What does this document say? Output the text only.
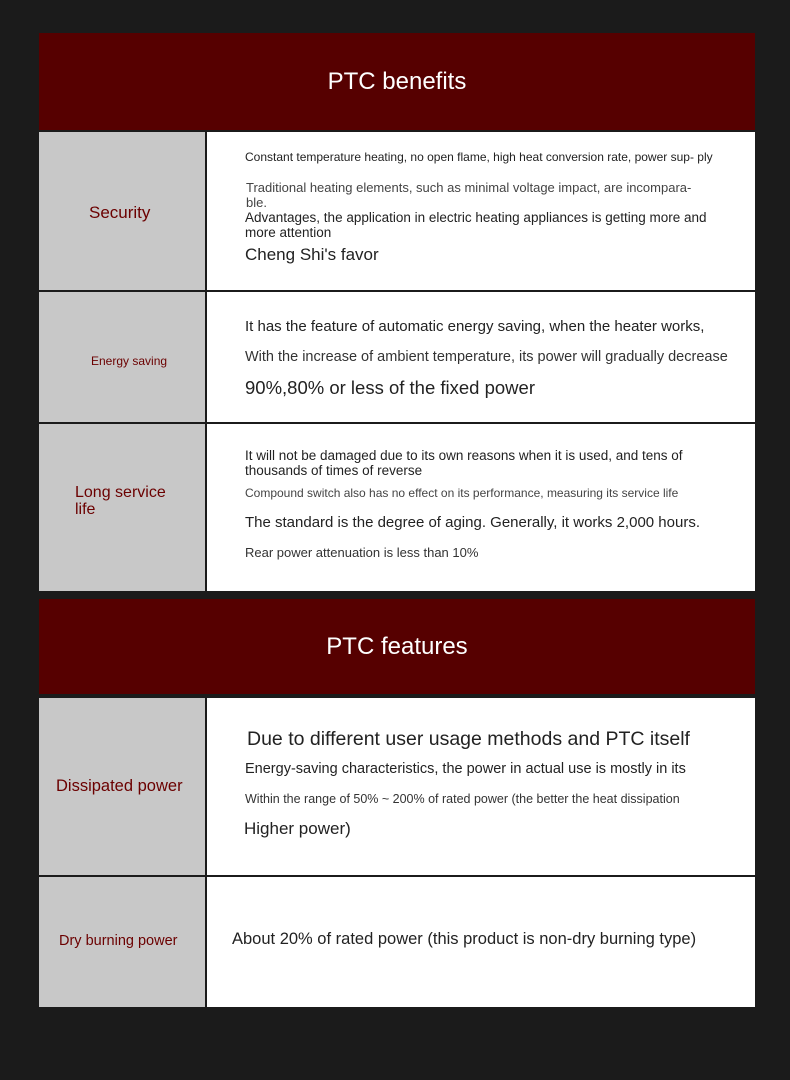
PTC benefits
Security
Constant temperature heating, no open flame, high heat conversion rate, power sup- ply
Traditional heating elements, such as minimal voltage impact, are incompara- ble.
Advantages, the application in electric heating appliances is getting more and more attention
Cheng Shi's favor
Energy saving
It has the feature of automatic energy saving, when the heater works,
With the increase of ambient temperature, its power will gradually decrease
90%,80% or less of the fixed power
Long service life
It will not be damaged due to its own reasons when it is used, and tens of thousands of times of reverse
Compound switch also has no effect on its performance, measuring its service life
The standard is the degree of aging. Generally, it works 2,000 hours.
Rear power attenuation is less than 10%
PTC features
Dissipated power
Due to different user usage methods and PTC itself
Energy-saving characteristics, the power in actual use is mostly in its
Within the range of 50% ~ 200% of rated power (the better the heat dissipation
Higher power)
Dry burning power	About 20% of rated power (this product is non-dry burning type)
